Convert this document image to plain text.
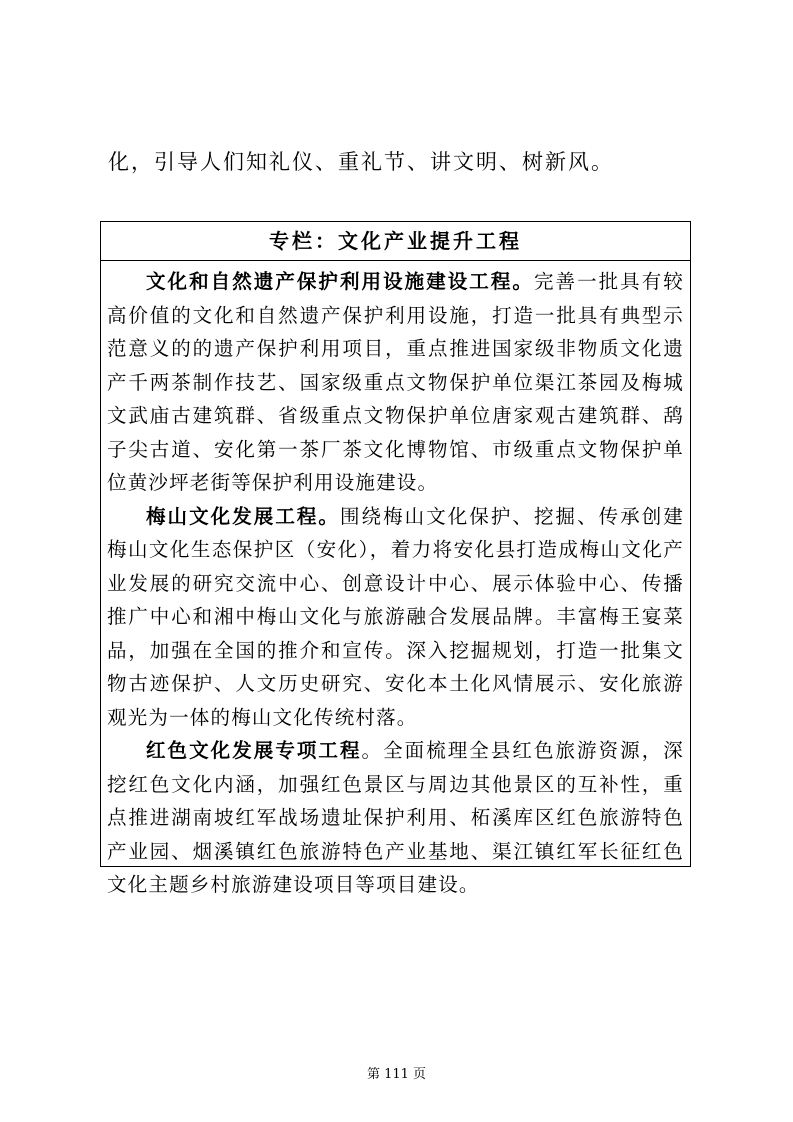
化，引导人们知礼仪、重礼节、讲文明、树新风。
专栏：文化产业提升工程

文化和自然遗产保护利用设施建设工程。完善一批具有较高价值的文化和自然遗产保护利用设施，打造一批具有典型示范意义的的遗产保护利用项目，重点推进国家级非物质文化遗产千两茶制作技艺、国家级重点文物保护单位渠江茶园及梅城文武庙古建筑群、省级重点文物保护单位唐家观古建筑群、鸹子尖古道、安化第一茶厂茶文化博物馆、市级重点文物保护单位黄沙坪老街等保护利用设施建设。

梅山文化发展工程。围绕梅山文化保护、挖掘、传承创建梅山文化生态保护区（安化），着力将安化县打造成梅山文化产业发展的研究交流中心、创意设计中心、展示体验中心、传播推广中心和湘中梅山文化与旅游融合发展品牌。丰富梅王宴菜品，加强在全国的推介和宣传。深入挖掘规划，打造一批集文物古迹保护、人文历史研究、安化本土化风情展示、安化旅游观光为一体的梅山文化传统村落。

红色文化发展专项工程。全面梳理全县红色旅游资源，深挖红色文化内涵，加强红色景区与周边其他景区的互补性，重点推进湖南坡红军战场遗址保护利用、柘溪库区红色旅游特色产业园、烟溪镇红色旅游特色产业基地、渠江镇红军长征红色文化主题乡村旅游建设项目等项目建设。

第 111 页
